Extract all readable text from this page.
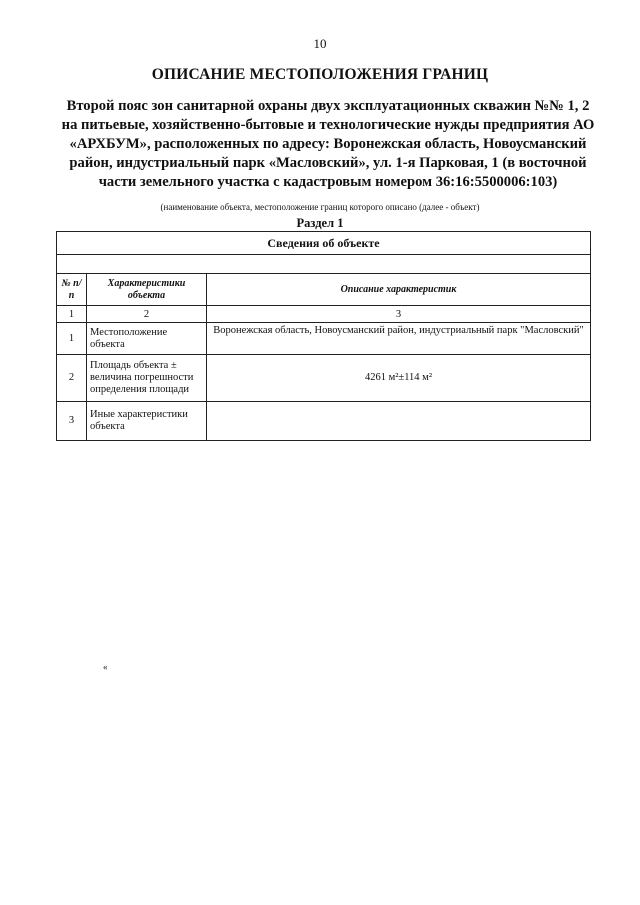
10
ОПИСАНИЕ МЕСТОПОЛОЖЕНИЯ ГРАНИЦ
Второй пояс зон санитарной охраны двух эксплуатационных скважин №№ 1, 2 на питьевые, хозяйственно-бытовые и технологические нужды предприятия АО «АРХБУМ», расположенных по адресу: Воронежская область, Новоусманский район, индустриальный парк «Масловский», ул. 1-я Парковая, 1 (в восточной части земельного участка с кадастровым номером 36:16:5500006:103)
(наименование объекта, местоположение границ которого описано (далее - объект)
Раздел 1
Сведения об объекте		

№ п/п	Характеристики объекта	Описание характеристик
1	2	3
1	Местоположение объекта	Воронежская область, Новоусманский район, индустриальный парк "Масловский"
2	Площадь объекта ± величина погрешности определения площади	4261 м²±114 м²
3	Иные характеристики объекта	
«
